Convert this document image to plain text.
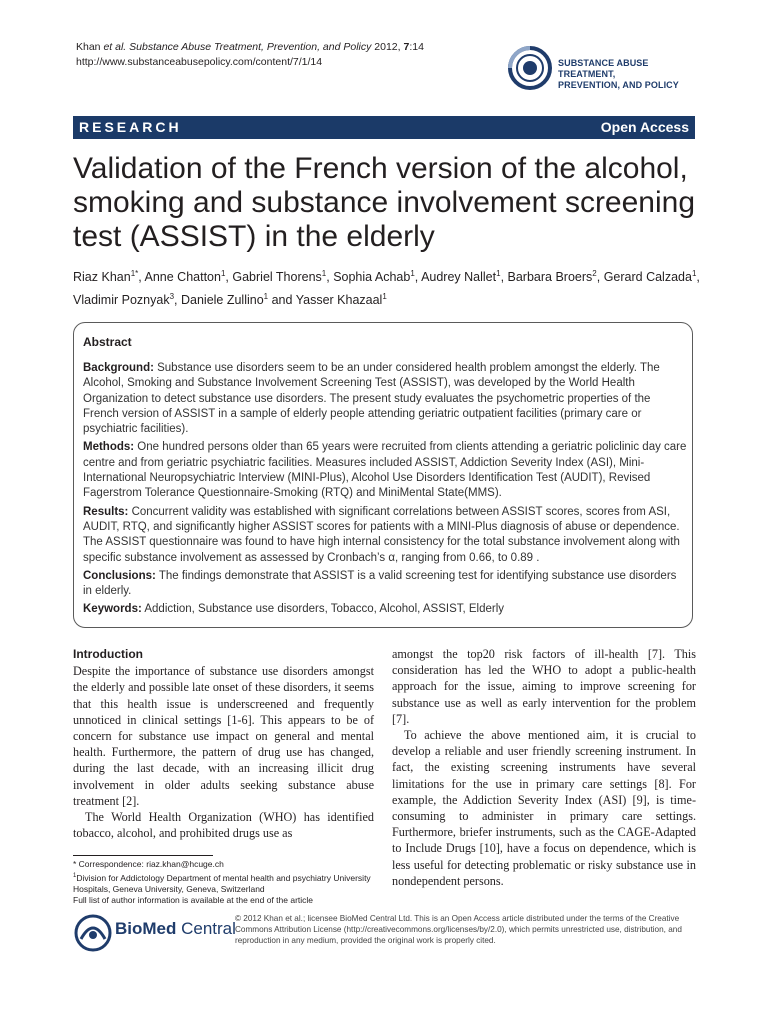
Khan et al. Substance Abuse Treatment, Prevention, and Policy 2012, 7:14
http://www.substanceabusepolicy.com/content/7/1/14	SUBSTANCE ABUSE TREATMENT,
PREVENTION, AND POLICY
RESEARCH	Open Access
Validation of the French version of the alcohol, smoking and substance involvement screening test (ASSIST) in the elderly
Riaz Khan$^{1*}$, Anne Chatton$^1$, Gabriel Thorens$^1$, Sophia Achab$^1$, Audrey Nallet$^1$, Barbara Broers$^2$, Gerard Calzada$^1$, Vladimir Poznyak$^3$, Daniele Zullino$^1$ and Yasser Khazaal$^1$
Abstract

Background: Substance use disorders seem to be an under considered health problem amongst the elderly. The Alcohol, Smoking and Substance Involvement Screening Test (ASSIST), was developed by the World Health Organization to detect substance use disorders. The present study evaluates the psychometric properties of the French version of ASSIST in a sample of elderly people attending geriatric outpatient facilities (primary care or psychiatric facilities).

Methods: One hundred persons older than 65 years were recruited from clients attending a geriatric policlinic day care centre and from geriatric psychiatric facilities. Measures included ASSIST, Addiction Severity Index (ASI), Mini-International Neuropsychiatric Interview (MINI-Plus), Alcohol Use Disorders Identification Test (AUDIT), Revised Fagerstrom Tolerance Questionnaire-Smoking (RTQ) and MiniMental State(MMS).

Results: Concurrent validity was established with significant correlations between ASSIST scores, scores from ASI, AUDIT, RTQ, and significantly higher ASSIST scores for patients with a MINI-Plus diagnosis of abuse or dependence. The ASSIST questionnaire was found to have high internal consistency for the total substance involvement along with specific substance involvement as assessed by Cronbach’s α, ranging from 0.66, to 0.89 .

Conclusions: The findings demonstrate that ASSIST is a valid screening test for identifying substance use disorders in elderly.

Keywords: Addiction, Substance use disorders, Tobacco, Alcohol, ASSIST, Elderly

Introduction

Despite the importance of substance use disorders amongst the elderly and possible late onset of these disorders, it seems that this health issue is underscreened and frequently unnoticed in clinical settings [1-6]. This appears to be of concern for substance use impact on general and mental health. Furthermore, the pattern of drug use has changed, during the last decade, with an increasing illicit drug involvement in older adults seeking substance abuse treatment [2].

The World Health Organization (WHO) has identified tobacco, alcohol, and prohibited drugs use as

amongst the top20 risk factors of ill-health [7]. This consideration has led the WHO to adopt a public-health approach for the issue, aiming to improve screening for substance use as well as early intervention for the problem [7].

To achieve the above mentioned aim, it is crucial to develop a reliable and user friendly screening instrument. In fact, the existing screening instruments have several limitations for the use in primary care settings [8]. For example, the Addiction Severity Index (ASI) [9], is time-consuming to administer in primary care settings. Furthermore, briefer instruments, such as the CAGE-Adapted to Include Drugs [10], have a focus on dependence, which is less useful for detecting problematic or risky substance use in nondependent persons.

* Correspondence: riaz.khan@hcuge.ch
$^1$Division for Addictology Department of mental health and psychiatry University Hospitals, Geneva University, Geneva, Switzerland
Full list of author information is available at the end of the article
BioMed Central
© 2012 Khan et al.; licensee BioMed Central Ltd. This is an Open Access article distributed under the terms of the Creative Commons Attribution License (http://creativecommons.org/licenses/by/2.0), which permits unrestricted use, distribution, and reproduction in any medium, provided the original work is properly cited.
